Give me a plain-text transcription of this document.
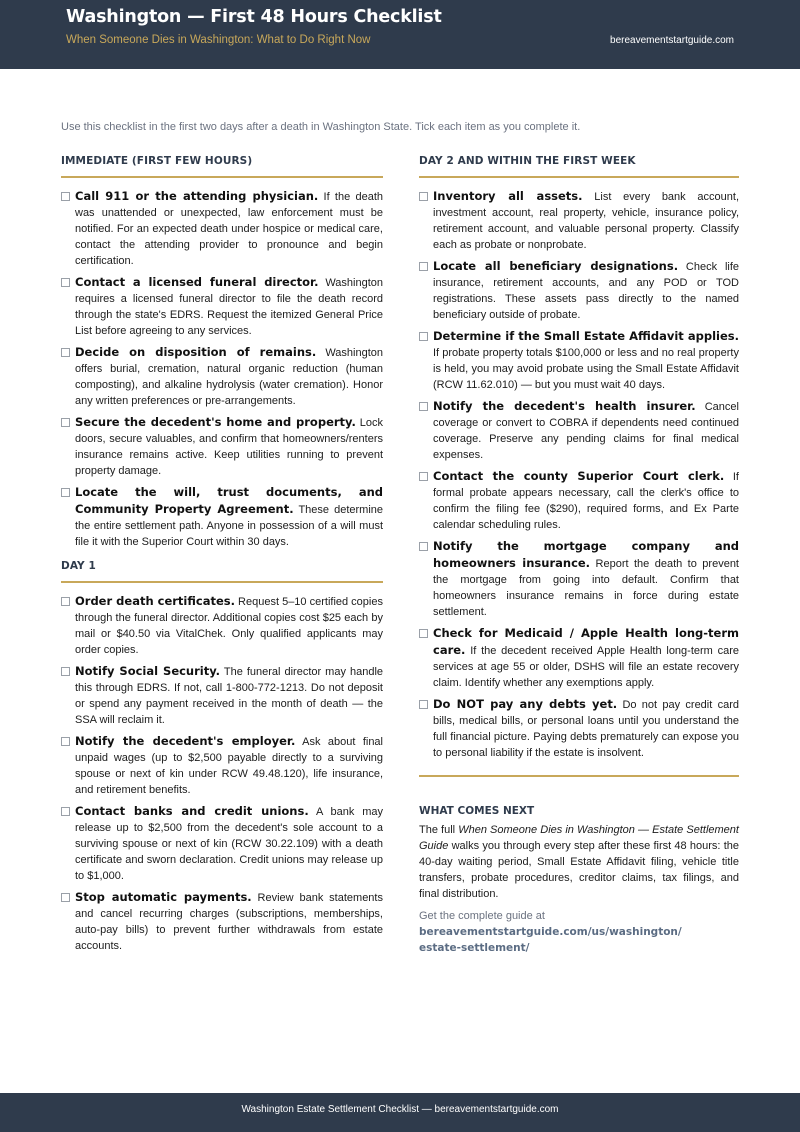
Washington — First 48 Hours Checklist
When Someone Dies in Washington: What to Do Right Now	bereavementstartguide.com
Use this checklist in the first two days after a death in Washington State. Tick each item as you complete it.
IMMEDIATE (FIRST FEW HOURS)
Call 911 or the attending physician. If the death was unattended or unexpected, law enforcement must be notified. For an expected death under hospice or medical care, contact the attending provider to pronounce and begin certification.
Contact a licensed funeral director. Washington requires a licensed funeral director to file the death record through the state's EDRS. Request the itemized General Price List before agreeing to any services.
Decide on disposition of remains. Washington offers burial, cremation, natural organic reduction (human composting), and alkaline hydrolysis (water cremation). Honor any written preferences or pre-arrangements.
Secure the decedent's home and property. Lock doors, secure valuables, and confirm that homeowners/renters insurance remains active. Keep utilities running to prevent property damage.
Locate the will, trust documents, and Community Property Agreement. These determine the entire settlement path. Anyone in possession of a will must file it with the Superior Court within 30 days.
DAY 1
Order death certificates. Request 5–10 certified copies through the funeral director. Additional copies cost $25 each by mail or $40.50 via VitalChek. Only qualified applicants may order copies.
Notify Social Security. The funeral director may handle this through EDRS. If not, call 1-800-772-1213. Do not deposit or spend any payment received in the month of death — the SSA will reclaim it.
Notify the decedent's employer. Ask about final unpaid wages (up to $2,500 payable directly to a surviving spouse or next of kin under RCW 49.48.120), life insurance, and retirement benefits.
Contact banks and credit unions. A bank may release up to $2,500 from the decedent's sole account to a surviving spouse or next of kin (RCW 30.22.109) with a death certificate and sworn declaration. Credit unions may release up to $1,000.
Stop automatic payments. Review bank statements and cancel recurring charges (subscriptions, memberships, auto-pay bills) to prevent further withdrawals from estate accounts.
DAY 2 AND WITHIN THE FIRST WEEK
Inventory all assets. List every bank account, investment account, real property, vehicle, insurance policy, retirement account, and valuable personal property. Classify each as probate or nonprobate.
Locate all beneficiary designations. Check life insurance, retirement accounts, and any POD or TOD registrations. These assets pass directly to the named beneficiary outside of probate.
Determine if the Small Estate Affidavit applies. If probate property totals $100,000 or less and no real property is held, you may avoid probate using the Small Estate Affidavit (RCW 11.62.010) — but you must wait 40 days.
Notify the decedent's health insurer. Cancel coverage or convert to COBRA if dependents need continued coverage. Preserve any pending claims for final medical expenses.
Contact the county Superior Court clerk. If formal probate appears necessary, call the clerk's office to confirm the filing fee ($290), required forms, and Ex Parte calendar scheduling rules.
Notify the mortgage company and homeowners insurance. Report the death to prevent the mortgage from going into default. Confirm that homeowners insurance remains in force during estate settlement.
Check for Medicaid / Apple Health long-term care. If the decedent received Apple Health long-term care services at age 55 or older, DSHS will file an estate recovery claim. Identify whether any exemptions apply.
Do NOT pay any debts yet. Do not pay credit card bills, medical bills, or personal loans until you understand the full financial picture. Paying debts prematurely can expose you to personal liability if the estate is insolvent.
WHAT COMES NEXT
The full When Someone Dies in Washington — Estate Settlement Guide walks you through every step after these first 48 hours: the 40-day waiting period, Small Estate Affidavit filing, vehicle title transfers, probate procedures, creditor claims, tax filings, and final distribution.
Get the complete guide at
bereavementstartguide.com/us/washington/
estate-settlement/
Washington Estate Settlement Checklist — bereavementstartguide.com
